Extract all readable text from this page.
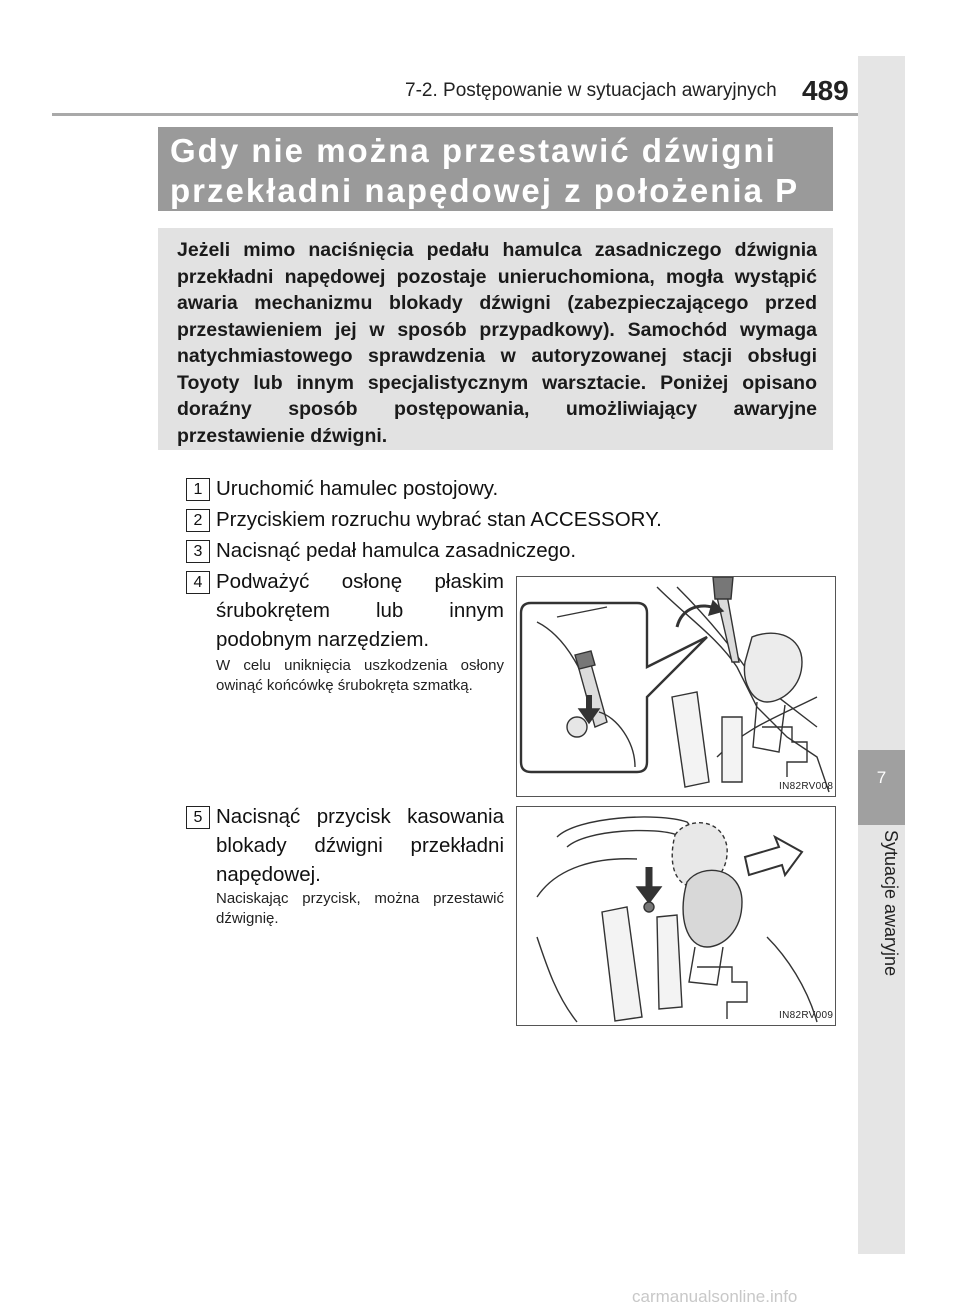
7-2. Postępowanie w sytuacjach awaryjnych 489
7
Sytuacje awaryjne
Gdy nie można przestawić dźwigni przekładni napędowej z położenia P
Jeżeli mimo naciśnięcia pedału hamulca zasadniczego dźwignia przekładni napędowej pozostaje unieruchomiona, mogła wystąpić awaria mechanizmu blokady dźwigni (zabezpieczającego przed przestawieniem jej w sposób przypadkowy). Samochód wymaga natychmiastowego sprawdzenia w autoryzowanej stacji obsługi Toyoty lub innym specjalistycznym warsztacie. Poniżej opisano doraźny sposób postępowania, umożliwiający awaryjne przestawienie dźwigni.
1 Uruchomić hamulec postojowy.
2 Przyciskiem rozruchu wybrać stan ACCESSORY.
3 Nacisnąć pedał hamulca zasadniczego.
4 Podważyć osłonę płaskim śrubokrętem lub innym podobnym narzędziem.
W celu uniknięcia uszkodzenia osłony owinąć końcówkę śrubokręta szmatką.
5 Nacisnąć przycisk kasowania blokady dźwigni przekładni napędowej.
Naciskając przycisk, można przestawić dźwignię.
IN82RV008
IN82RV009
carmanualsonline.info
